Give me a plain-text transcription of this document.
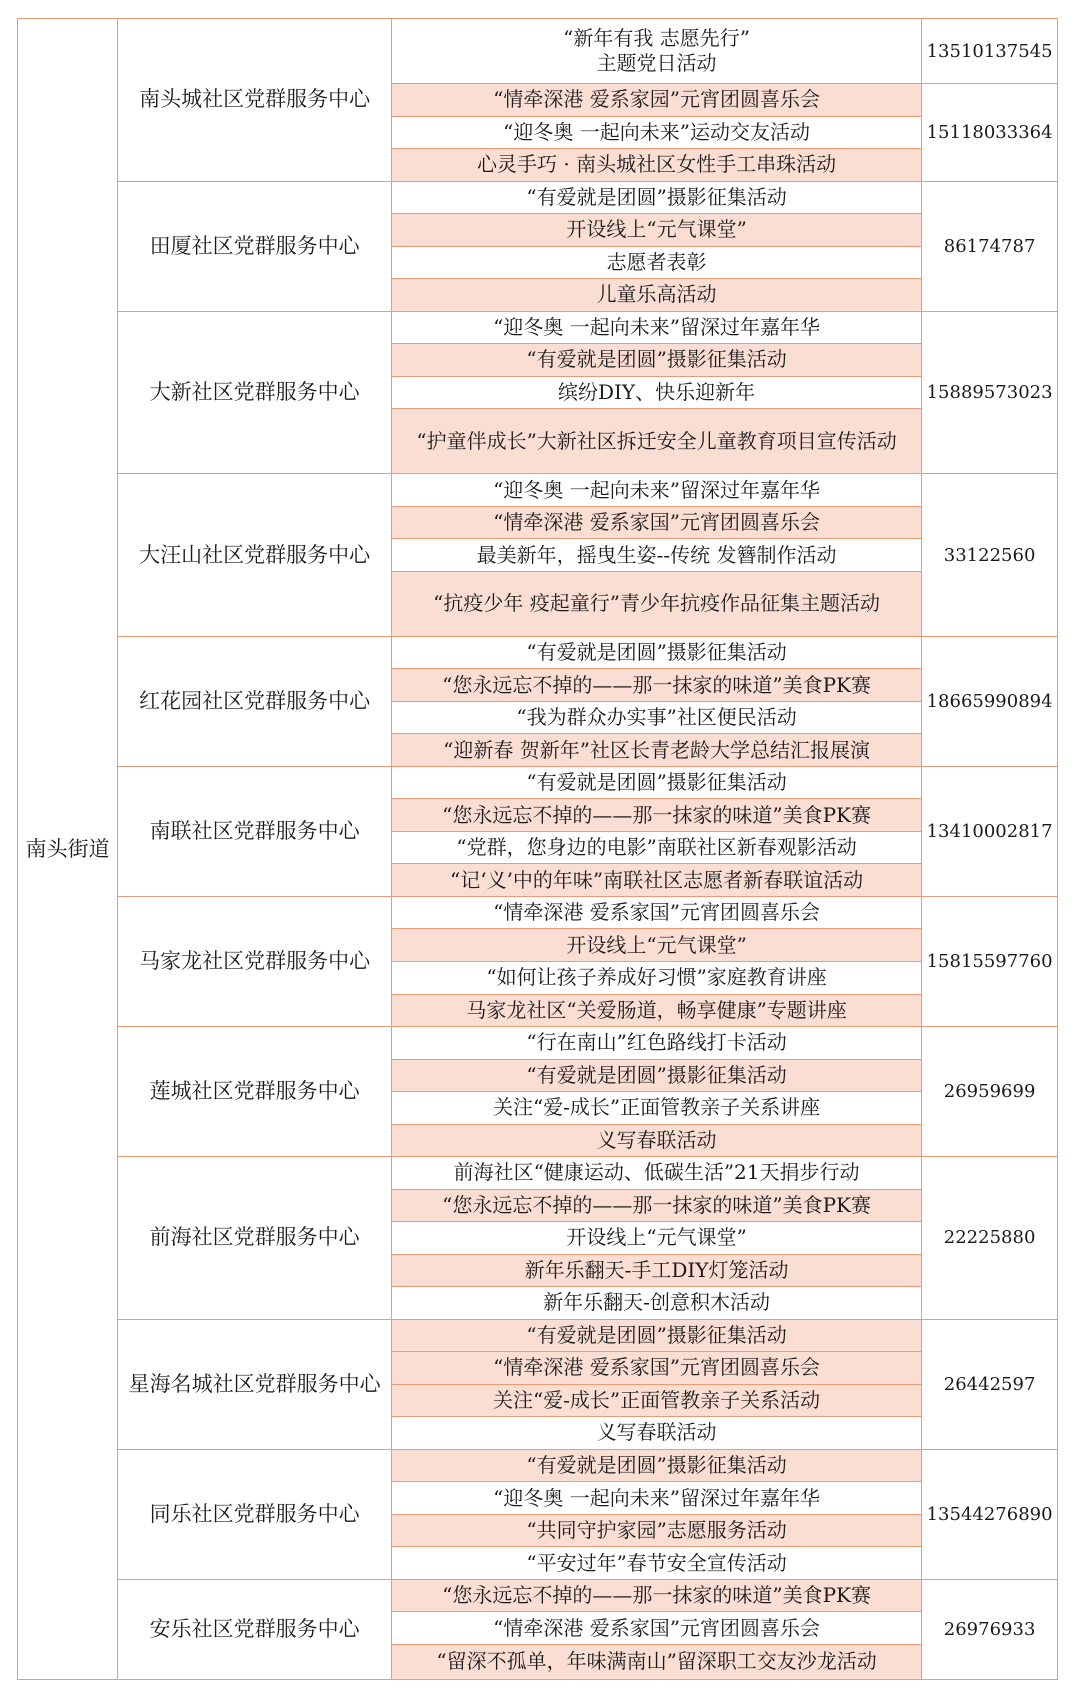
南头街道	南头城社区党群服务中心	“新年有我 志愿先行”
主题党日活动	13510137545
		“情牵深港 爱系家园”元宵团圆喜乐会	15118033364
		“迎冬奥 一起向未来”运动交友活动	
		心灵手巧 · 南头城社区女性手工串珠活动	
	田厦社区党群服务中心	“有爱就是团圆”摄影征集活动	86174787
		开设线上“元气课堂”	
		志愿者表彰	
		儿童乐高活动	
	大新社区党群服务中心	“迎冬奥 一起向未来”留深过年嘉年华	15889573023
		“有爱就是团圆”摄影征集活动	
		缤纷DIY、快乐迎新年	
		“护童伴成长”大新社区拆迁安全儿童教育项目宣传活动	
	大汪山社区党群服务中心	“迎冬奥 一起向未来”留深过年嘉年华	33122560
		“情牵深港 爱系家国”元宵团圆喜乐会	
		最美新年，摇曳生姿--传统 发簪制作活动	
		“抗疫少年 疫起童行”青少年抗疫作品征集主题活动	
	红花园社区党群服务中心	“有爱就是团圆”摄影征集活动	18665990894
		“您永远忘不掉的——那一抹家的味道”美食PK赛	
		“我为群众办实事”社区便民活动	
		“迎新春 贺新年”社区长青老龄大学总结汇报展演	
	南联社区党群服务中心	“有爱就是团圆”摄影征集活动	13410002817
		“您永远忘不掉的——那一抹家的味道”美食PK赛	
		“党群，您身边的电影”南联社区新春观影活动	
		“记‘义’中的年味”南联社区志愿者新春联谊活动	
	马家龙社区党群服务中心	“情牵深港 爱系家国”元宵团圆喜乐会	15815597760
		开设线上“元气课堂”	
		“如何让孩子养成好习惯”家庭教育讲座	
		马家龙社区“关爱肠道，畅享健康”专题讲座	
	莲城社区党群服务中心	“行在南山”红色路线打卡活动	26959699
		“有爱就是团圆”摄影征集活动	
		关注“爱-成长”正面管教亲子关系讲座	
		义写春联活动	
	前海社区党群服务中心	前海社区“健康运动、低碳生活”21天捐步行动	22225880
		“您永远忘不掉的——那一抹家的味道”美食PK赛	
		开设线上“元气课堂”	
		新年乐翻天-手工DIY灯笼活动	
		新年乐翻天-创意积木活动	
	星海名城社区党群服务中心	“有爱就是团圆”摄影征集活动	26442597
		“情牵深港 爱系家国”元宵团圆喜乐会	
		关注“爱-成长”正面管教亲子关系活动	
		义写春联活动	
	同乐社区党群服务中心	“有爱就是团圆”摄影征集活动	13544276890
		“迎冬奥 一起向未来”留深过年嘉年华	
		“共同守护家园”志愿服务活动	
		“平安过年”春节安全宣传活动	
	安乐社区党群服务中心	“您永远忘不掉的——那一抹家的味道”美食PK赛	26976933
		“情牵深港 爱系家国”元宵团圆喜乐会	
		“留深不孤单，年味满南山”留深职工交友沙龙活动	
